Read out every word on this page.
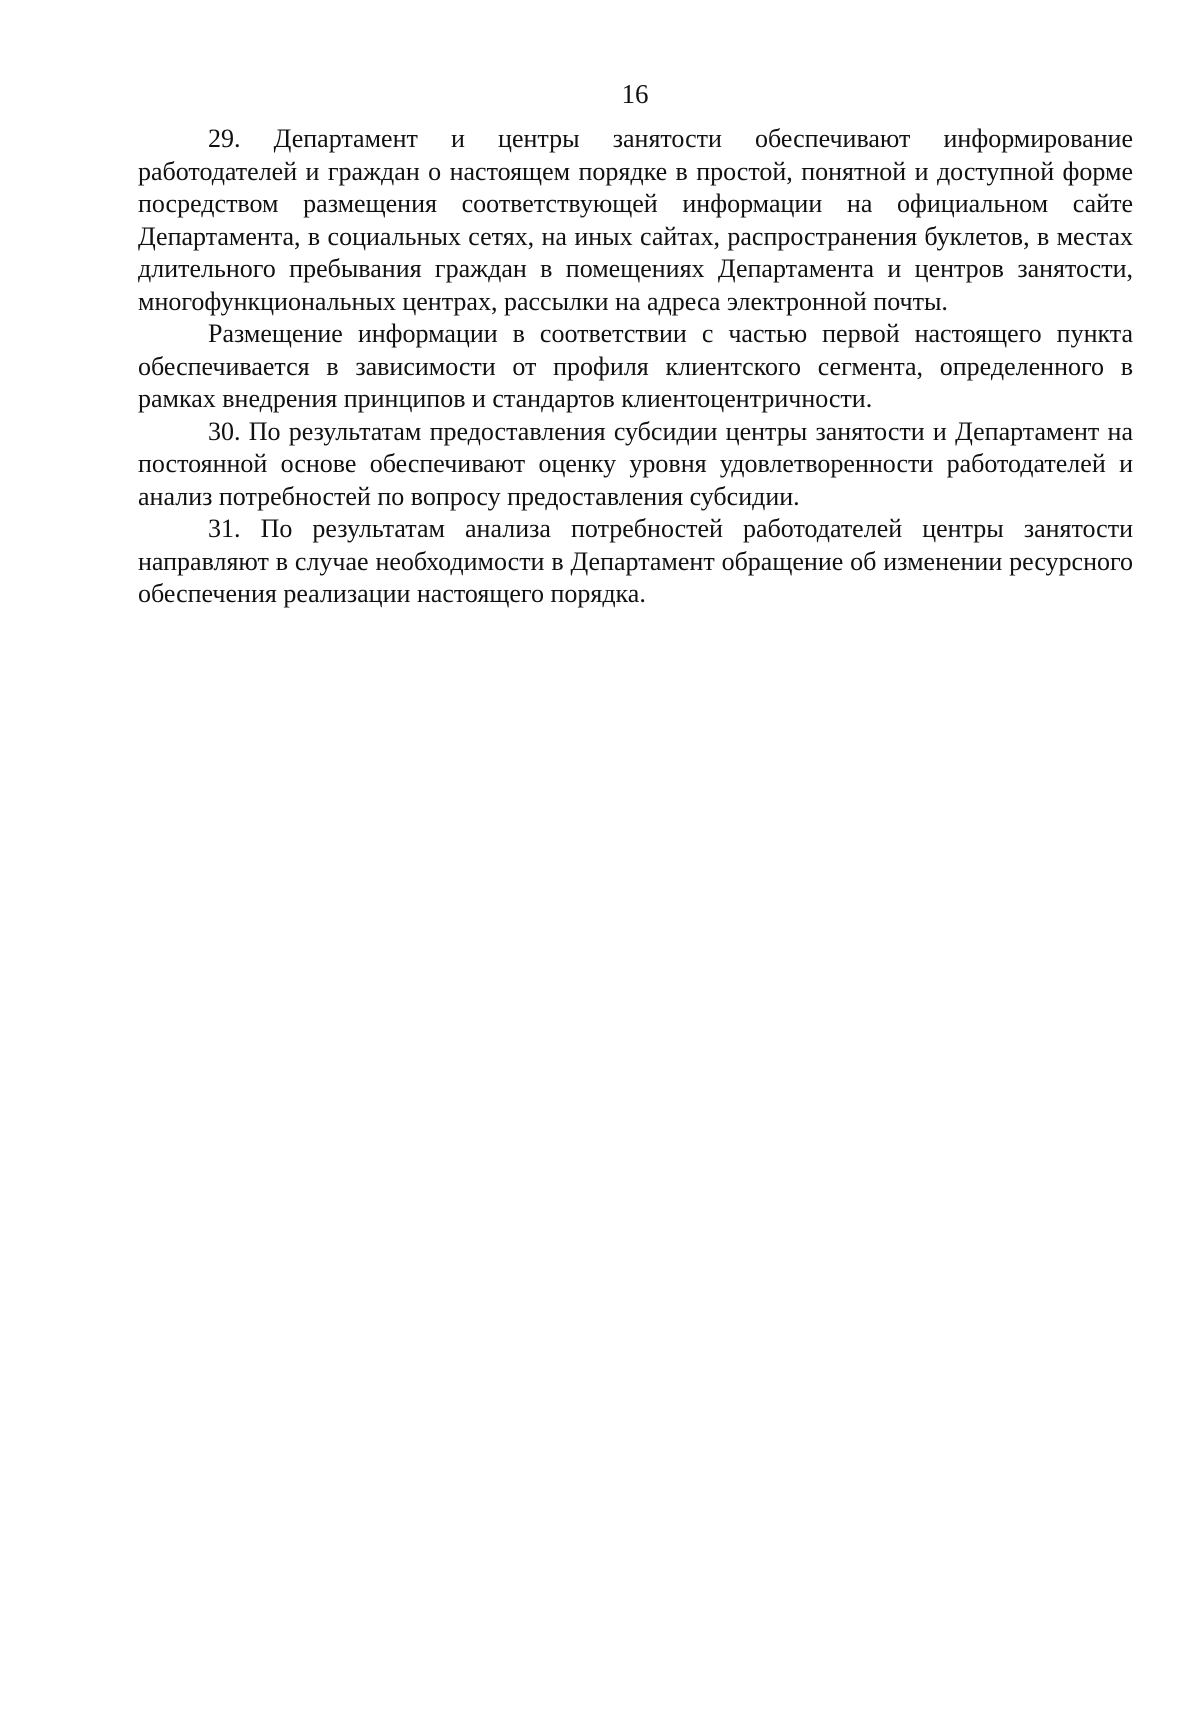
16

29. Департамент и центры занятости обеспечивают информирование работодателей и граждан о настоящем порядке в простой, понятной и доступной форме посредством размещения соответствующей информации на официальном сайте Департамента, в социальных сетях, на иных сайтах, распространения буклетов, в местах длительного пребывания граждан в помещениях Департамента и центров занятости, многофункциональных центрах, рассылки на адреса электронной почты.

Размещение информации в соответствии с частью первой настоящего пункта обеспечивается в зависимости от профиля клиентского сегмента, определенного в рамках внедрения принципов и стандартов клиентоцентричности.

30. По результатам предоставления субсидии центры занятости и Департамент на постоянной основе обеспечивают оценку уровня удовлетворенности работодателей и анализ потребностей по вопросу предоставления субсидии.

31. По результатам анализа потребностей работодателей центры занятости направляют в случае необходимости в Департамент обращение об изменении ресурсного обеспечения реализации настоящего порядка.
